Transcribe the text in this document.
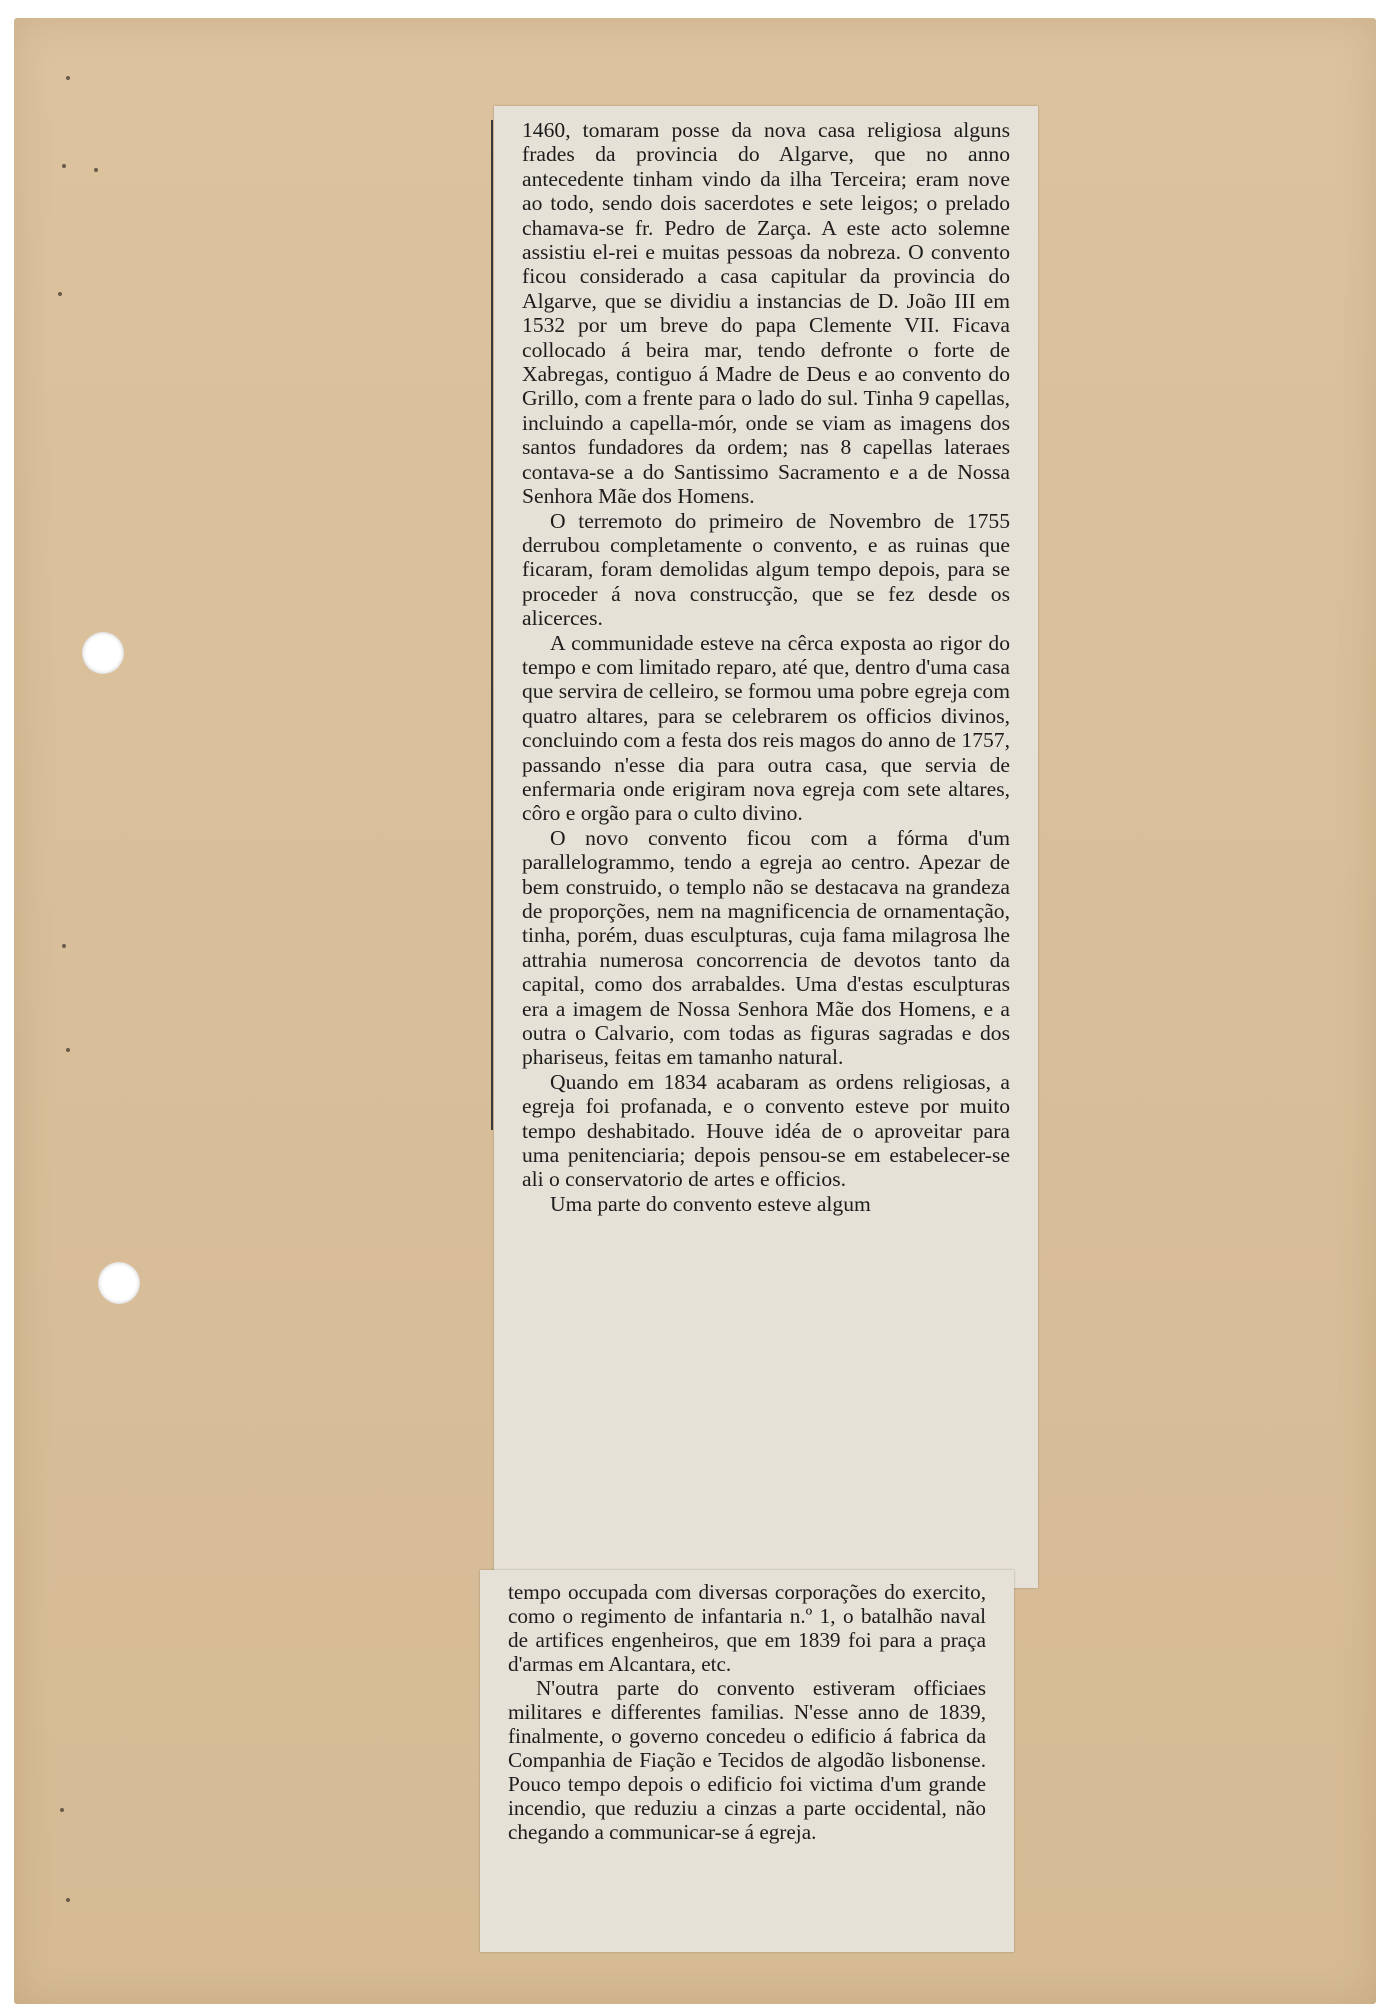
1460, tomaram posse da nova casa religiosa alguns frades da provincia do Algarve, que no anno antecedente tinham vindo da ilha Terceira; eram nove ao todo, sendo dois sacerdotes e sete leigos; o prelado chamava-se fr. Pedro de Zarça. A este acto solemne assistiu el-rei e muitas pessoas da nobreza. O convento ficou considerado a casa capitular da provincia do Algarve, que se dividiu a instancias de D. João III em 1532 por um breve do papa Clemente VII. Ficava collocado á beira mar, tendo defronte o forte de Xabregas, contiguo á Madre de Deus e ao convento do Grillo, com a frente para o lado do sul. Tinha 9 capellas, incluindo a capella-mór, onde se viam as imagens dos santos fundadores da ordem; nas 8 capellas lateraes contava-se a do Santissimo Sacramento e a de Nossa Senhora Mãe dos Homens.

O terremoto do primeiro de Novembro de 1755 derrubou completamente o convento, e as ruinas que ficaram, foram demolidas algum tempo depois, para se proceder á nova construcção, que se fez desde os alicerces.

A communidade esteve na cêrca exposta ao rigor do tempo e com limitado reparo, até que, dentro d'uma casa que servira de celleiro, se formou uma pobre egreja com quatro altares, para se celebrarem os officios divinos, concluindo com a festa dos reis magos do anno de 1757, passando n'esse dia para outra casa, que servia de enfermaria onde erigiram nova egreja com sete altares, côro e orgão para o culto divino.

O novo convento ficou com a fórma d'um parallelogrammo, tendo a egreja ao centro. Apezar de bem construido, o templo não se destacava na grandeza de proporções, nem na magnificencia de ornamentação, tinha, porém, duas esculpturas, cuja fama milagrosa lhe attrahia numerosa concorrencia de devotos tanto da capital, como dos arrabaldes. Uma d'estas esculpturas era a imagem de Nossa Senhora Mãe dos Homens, e a outra o Calvario, com todas as figuras sagradas e dos phariseus, feitas em tamanho natural.

Quando em 1834 acabaram as ordens religiosas, a egreja foi profanada, e o convento esteve por muito tempo deshabitado. Houve idéa de o aproveitar para uma penitenciaria; depois pensou-se em estabelecer-se ali o conservatorio de artes e officios.

Uma parte do convento esteve algum

tempo occupada com diversas corporações do exercito, como o regimento de infantaria n.º 1, o batalhão naval de artifices engenheiros, que em 1839 foi para a praça d'armas em Alcantara, etc.

N'outra parte do convento estiveram officiaes militares e differentes familias. N'esse anno de 1839, finalmente, o governo concedeu o edificio á fabrica da Companhia de Fiação e Tecidos de algodão lisbonense. Pouco tempo depois o edificio foi victima d'um grande incendio, que reduziu a cinzas a parte occidental, não chegando a communicar-se á egreja.
